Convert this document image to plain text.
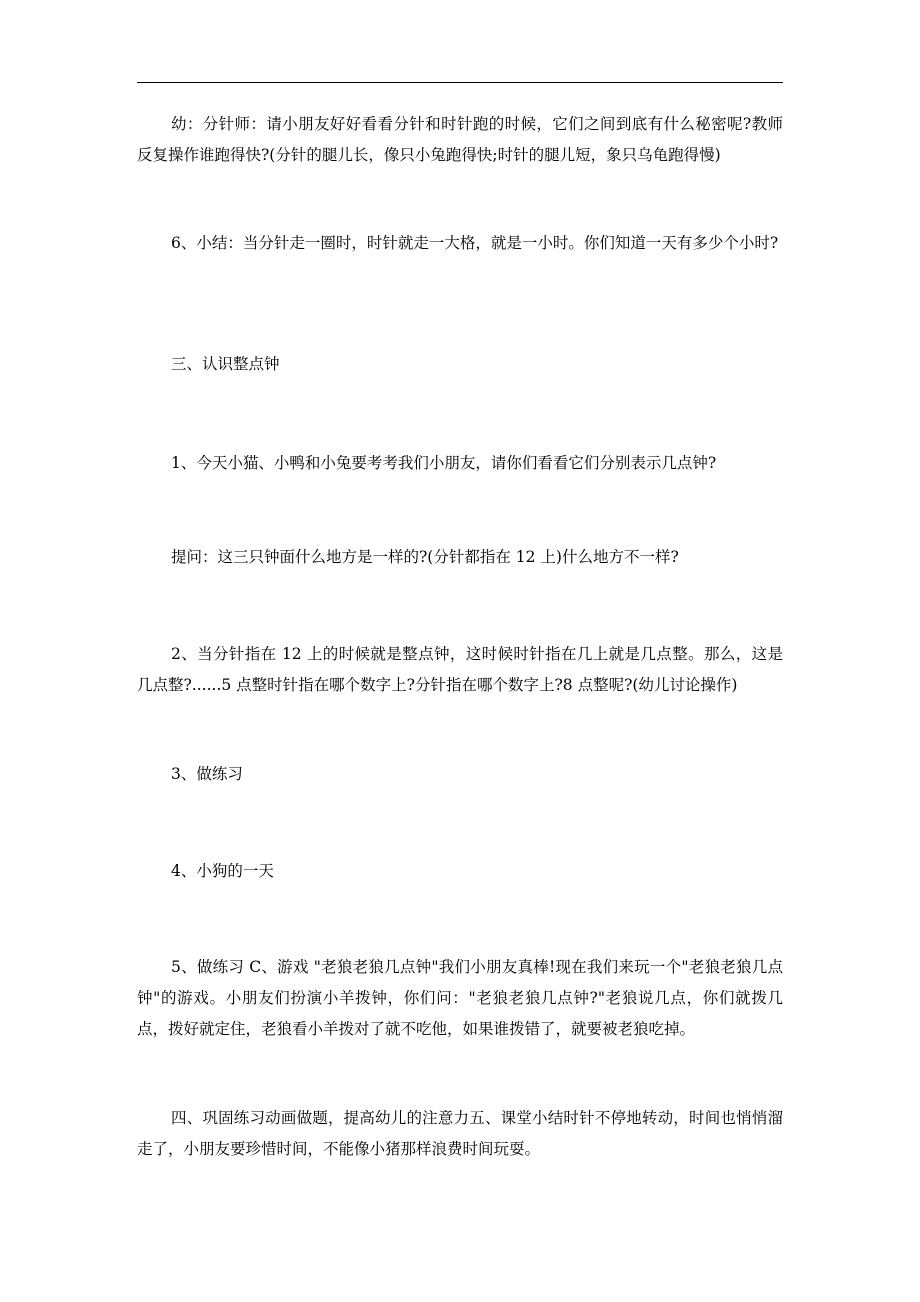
幼：分针师：请小朋友好好看看分针和时针跑的时候，它们之间到底有什么秘密呢?教师反复操作谁跑得快?(分针的腿儿长，像只小兔跑得快;时针的腿儿短，象只乌龟跑得慢)

6、小结：当分针走一圈时，时针就走一大格，就是一小时。你们知道一天有多少个小时?

三、认识整点钟

1、今天小猫、小鸭和小兔要考考我们小朋友，请你们看看它们分别表示几点钟?

提问：这三只钟面什么地方是一样的?(分针都指在 12 上)什么地方不一样?

2、当分针指在 12 上的时候就是整点钟，这时候时针指在几上就是几点整。那么，这是几点整?......5 点整时针指在哪个数字上?分针指在哪个数字上?8 点整呢?(幼儿讨论操作)

3、做练习

4、小狗的一天

5、做练习 C、游戏 "老狼老狼几点钟"我们小朋友真棒!现在我们来玩一个"老狼老狼几点钟"的游戏。小朋友们扮演小羊拨钟，你们问："老狼老狼几点钟?"老狼说几点，你们就拨几点，拨好就定住，老狼看小羊拨对了就不吃他，如果谁拨错了，就要被老狼吃掉。

四、巩固练习动画做题，提高幼儿的注意力五、课堂小结时针不停地转动，时间也悄悄溜走了，小朋友要珍惜时间，不能像小猪那样浪费时间玩耍。
